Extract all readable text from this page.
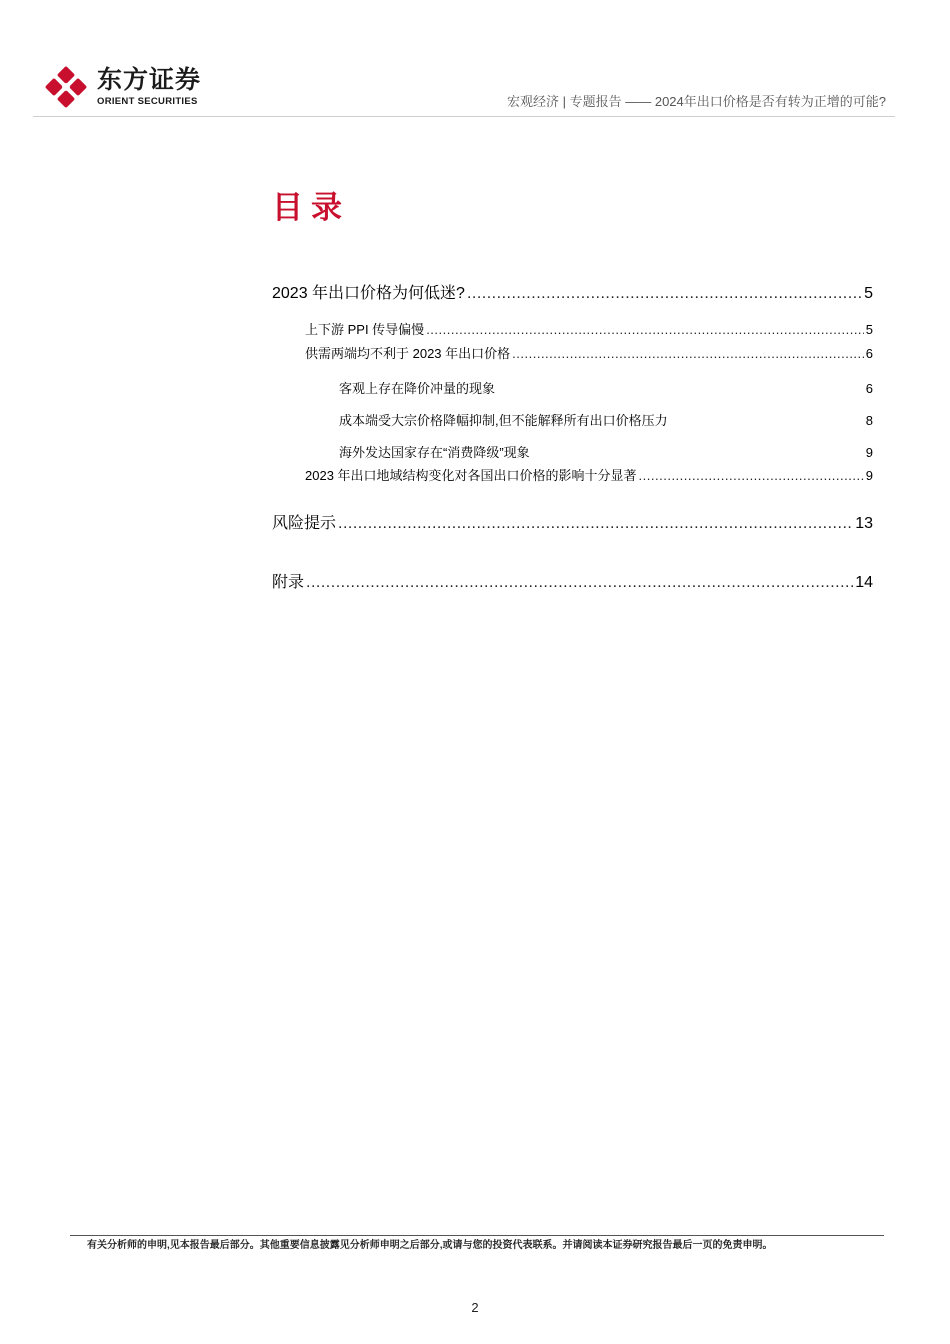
东方证券
ORIENT SECURITIES	宏观经济 | 专题报告 —— 2024年出口价格是否有转为正增的可能?
目录
2023 年出口价格为何低迷? .....	5
上下游 PPI 传导偏慢 .....	5
供需两端均不利于 2023 年出口价格 .....	6
客观上存在降价冲量的现象	6
成本端受大宗价格降幅抑制,但不能解释所有出口价格压力	8
海外发达国家存在“消费降级”现象	9
2023 年出口地域结构变化对各国出口价格的影响十分显著 .....	9
风险提示 .....	13
附录 .....	14
有关分析师的申明,见本报告最后部分。其他重要信息披露见分析师申明之后部分,或请与您的投资代表联系。并请阅读本证券研究报告最后一页的免责申明。
2
